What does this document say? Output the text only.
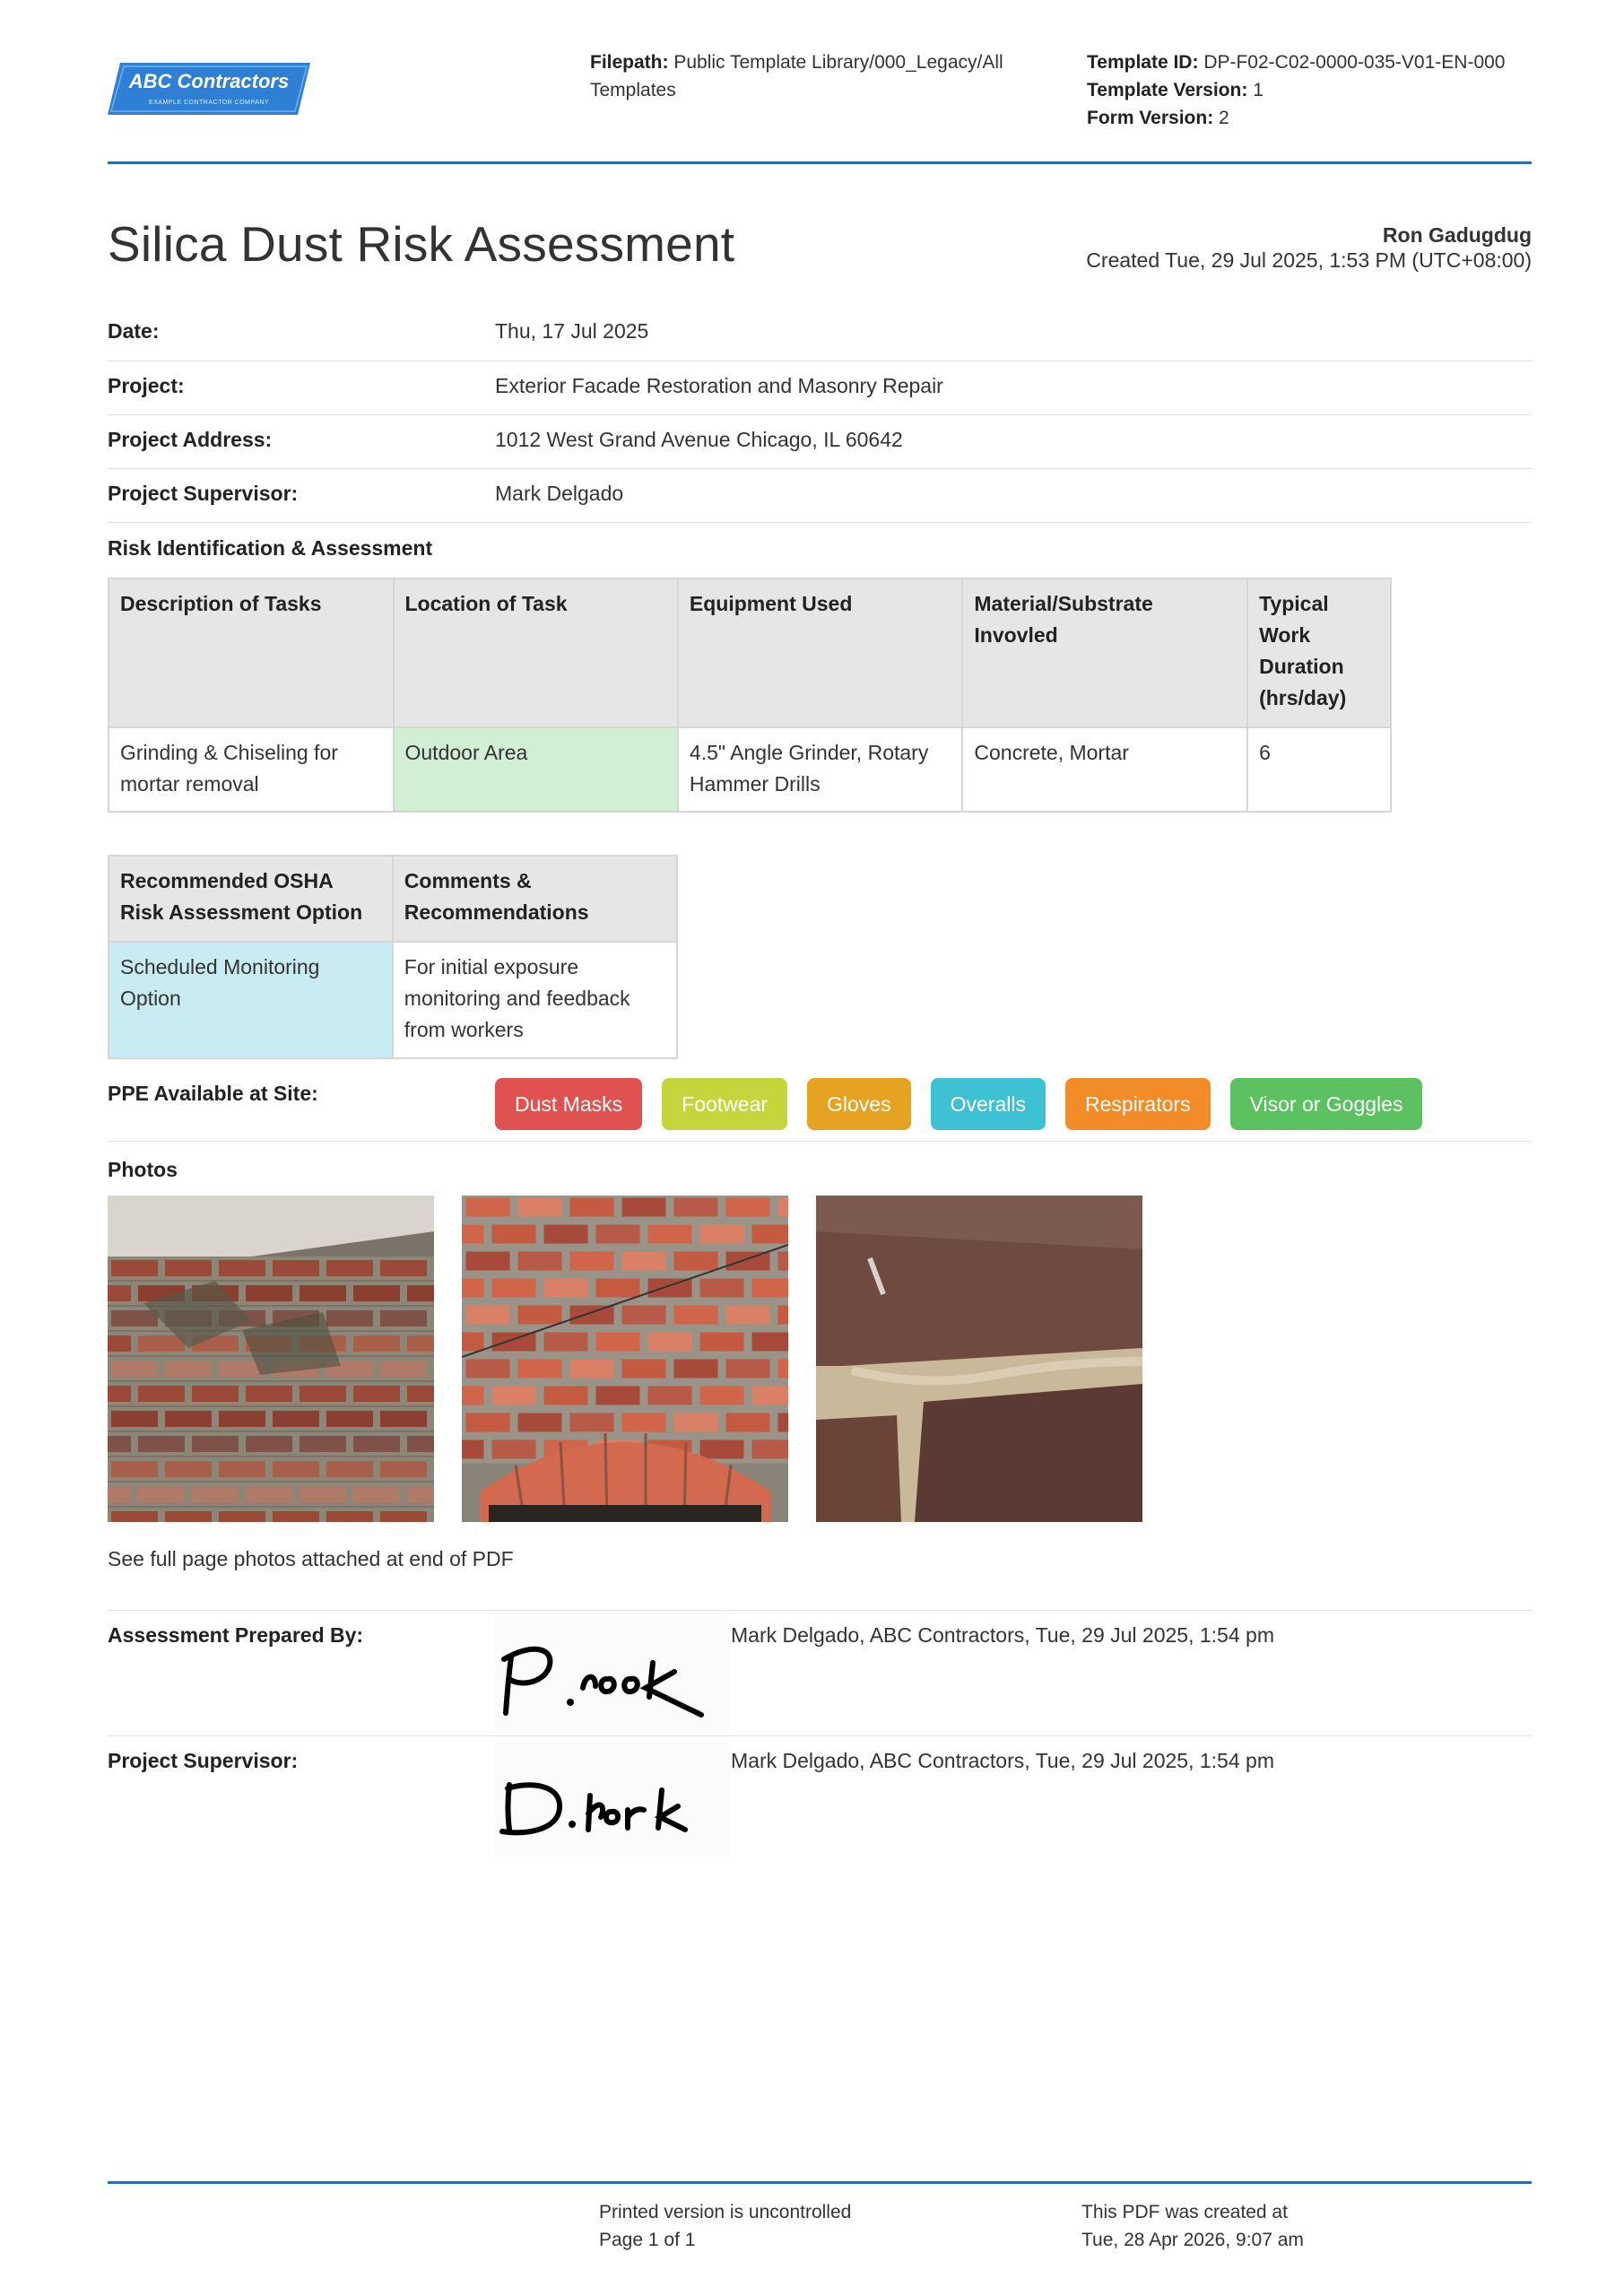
ABC Contractors
EXAMPLE CONTRACTOR COMPANY
Filepath: Public Template Library/000_Legacy/All Templates
Template ID: DP-F02-C02-0000-035-V01-EN-000
Template Version: 1
Form Version: 2
Silica Dust Risk Assessment	Ron Gadugdug
Created Tue, 29 Jul 2025, 1:53 PM (UTC+08:00)
Date:	Thu, 17 Jul 2025
Project:	Exterior Facade Restoration and Masonry Repair
Project Address:	1012 West Grand Avenue Chicago, IL 60642
Project Supervisor:	Mark Delgado
Risk Identification & Assessment
Description of Tasks	Location of Task	Equipment Used	Material/Substrate Invovled	Typical Work Duration (hrs/day)
Grinding & Chiseling for mortar removal	Outdoor Area	4.5" Angle Grinder, Rotary Hammer Drills	Concrete, Mortar	6
Recommended OSHA Risk Assessment Option	Comments & Recommendations
Scheduled Monitoring Option	For initial exposure monitoring and feedback from workers
PPE Available at Site:	Dust Masks	Footwear	Gloves	Overalls	Respirators	Visor or Goggles
Photos
See full page photos attached at end of PDF
Assessment Prepared By:	Mark Delgado, ABC Contractors, Tue, 29 Jul 2025, 1:54 pm
Project Supervisor:	Mark Delgado, ABC Contractors, Tue, 29 Jul 2025, 1:54 pm
Printed version is uncontrolled
Page 1 of 1
This PDF was created at
Tue, 28 Apr 2026, 9:07 am
